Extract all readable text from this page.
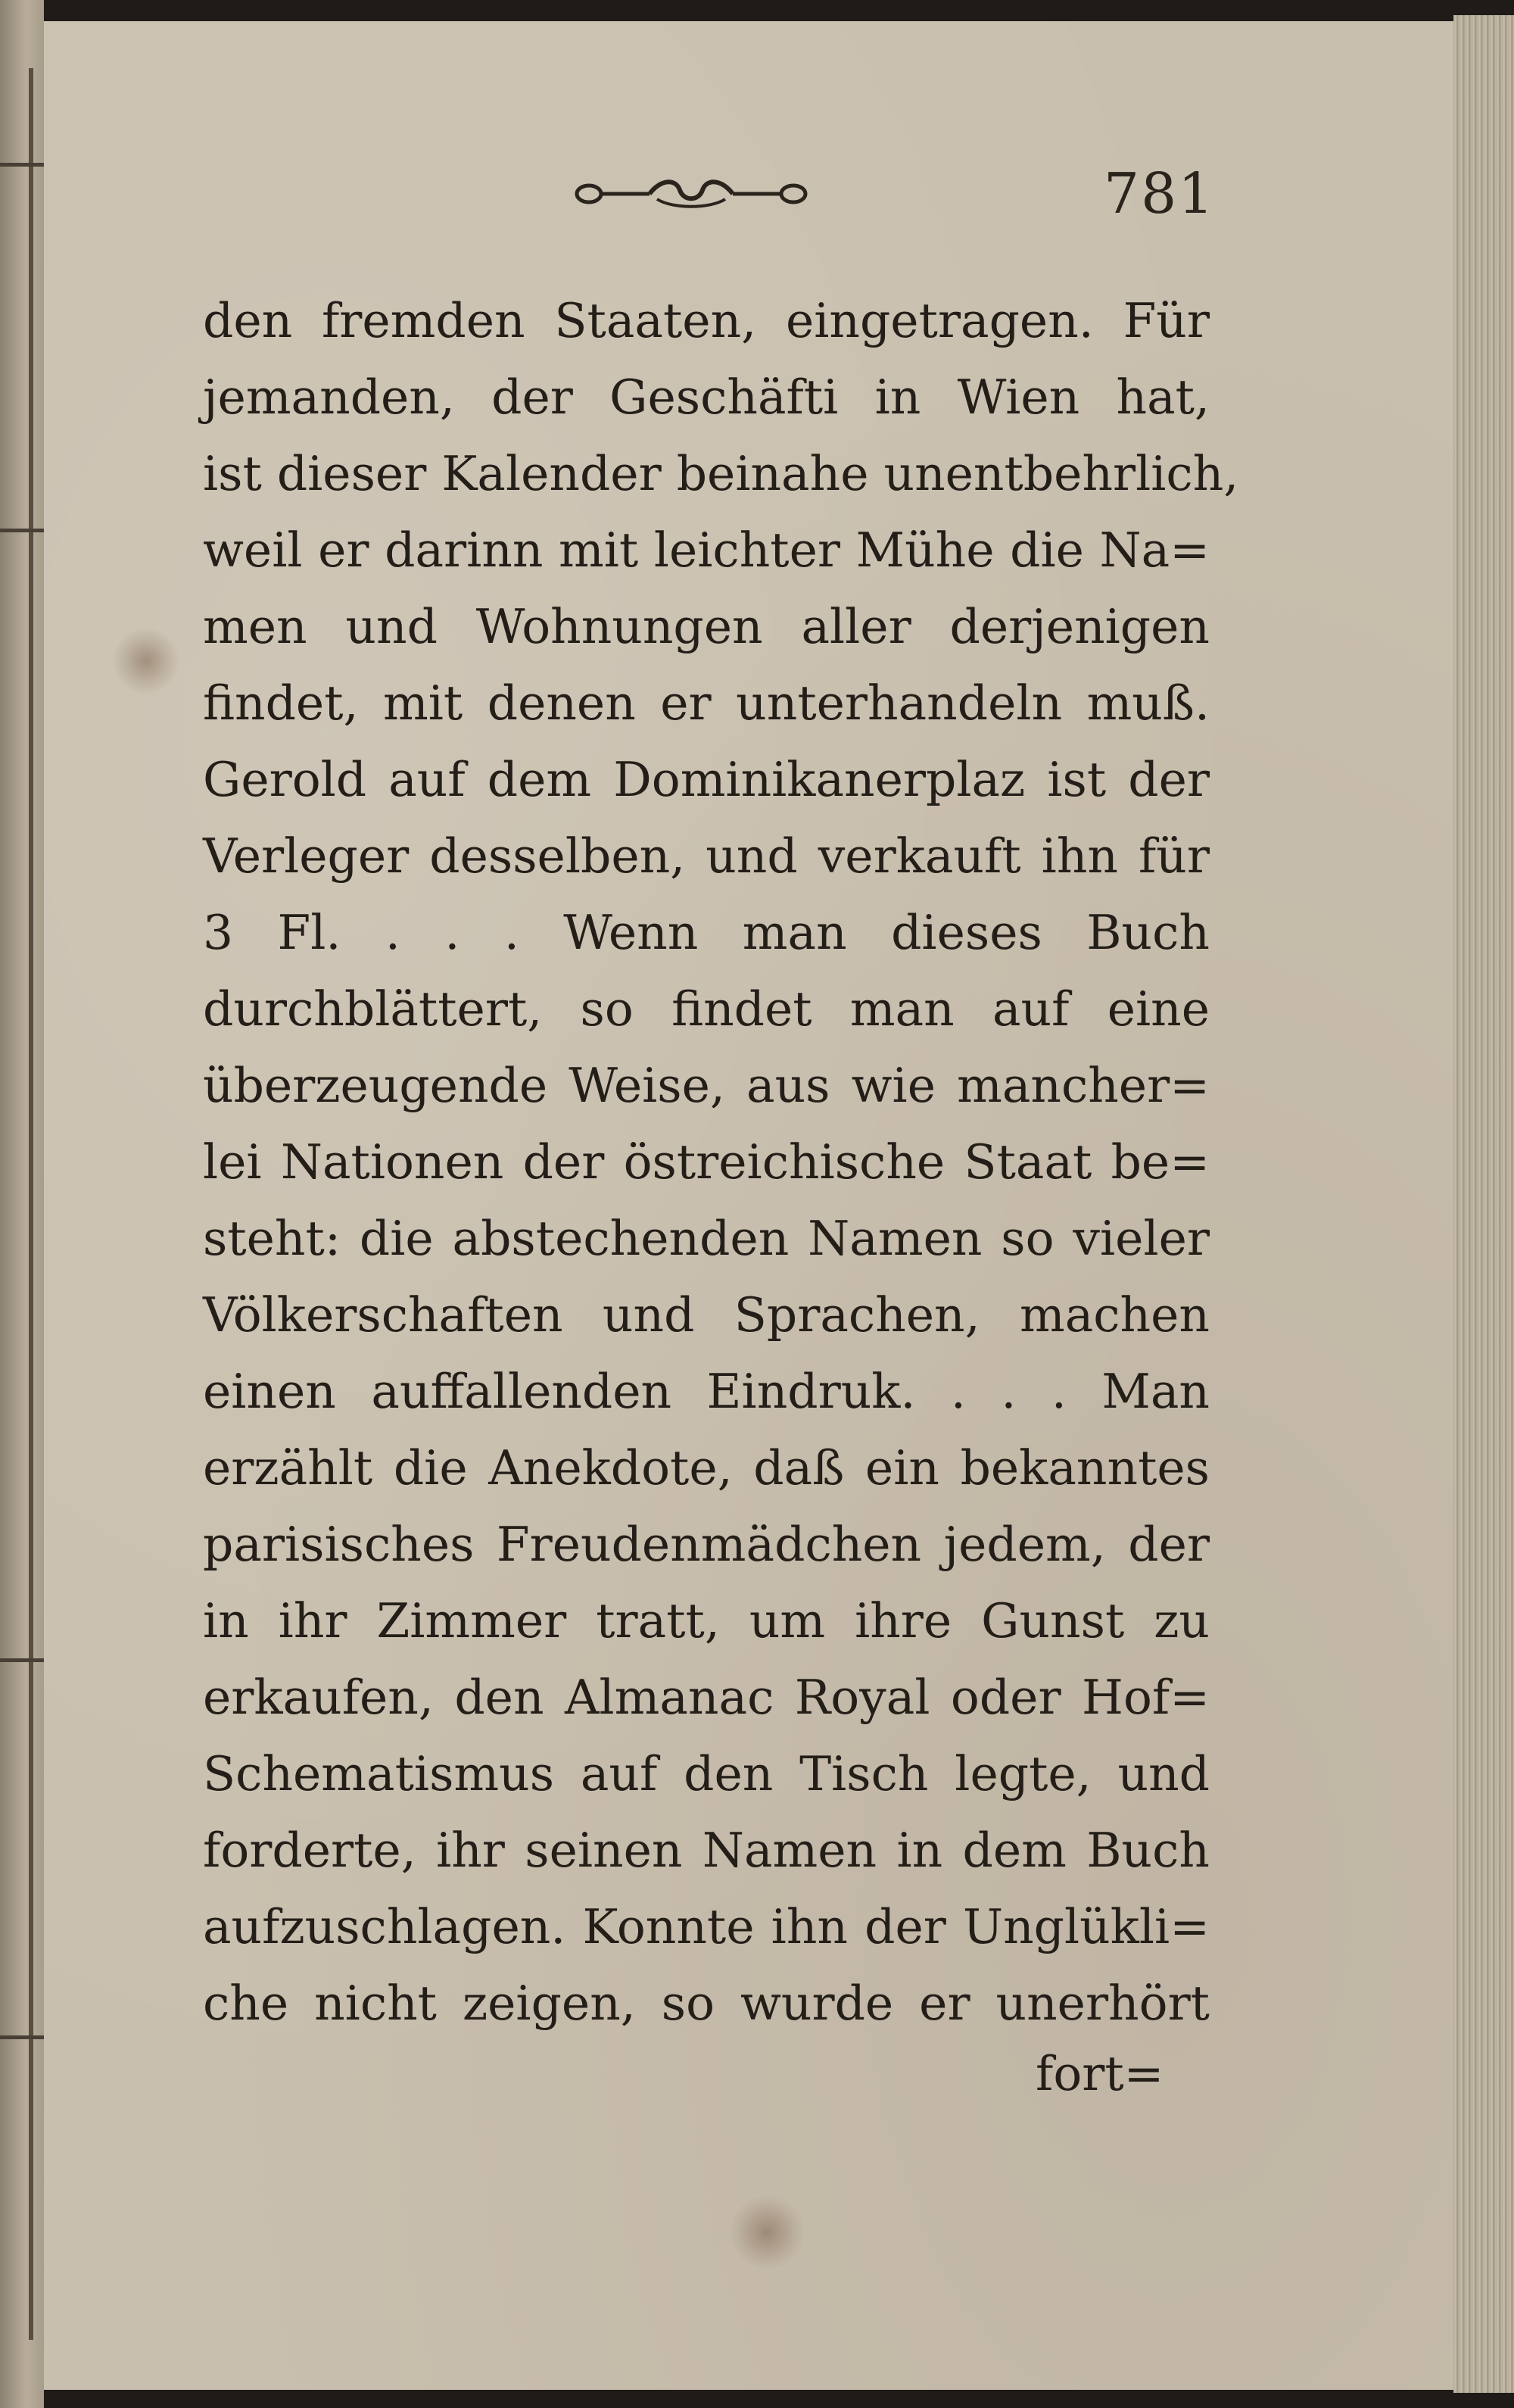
781
den fremden Staaten, eingetragen. Für
jemanden, der Geschäfti in Wien hat,
ist dieser Kalender beinahe unentbehrlich,
weil er darinn mit leichter Mühe die Na=
men und Wohnungen aller derjenigen
findet, mit denen er unterhandeln muß.
Gerold auf dem Dominikanerplaz ist der
Verleger desselben, und verkauft ihn für
3 Fl. . . . Wenn man dieses Buch
durchblättert, so findet man auf eine
überzeugende Weise, aus wie mancher=
lei Nationen der östreichische Staat be=
steht: die abstechenden Namen so vieler
Völkerschaften und Sprachen, machen
einen auffallenden Eindruk. . . . Man
erzählt die Anekdote, daß ein bekanntes
parisisches Freudenmädchen jedem, der
in ihr Zimmer tratt, um ihre Gunst zu
erkaufen, den Almanac Royal oder Hof=
Schematismus auf den Tisch legte, und
forderte, ihr seinen Namen in dem Buch
aufzuschlagen. Konnte ihn der Unglükli=
che nicht zeigen, so wurde er unerhört
fort=
